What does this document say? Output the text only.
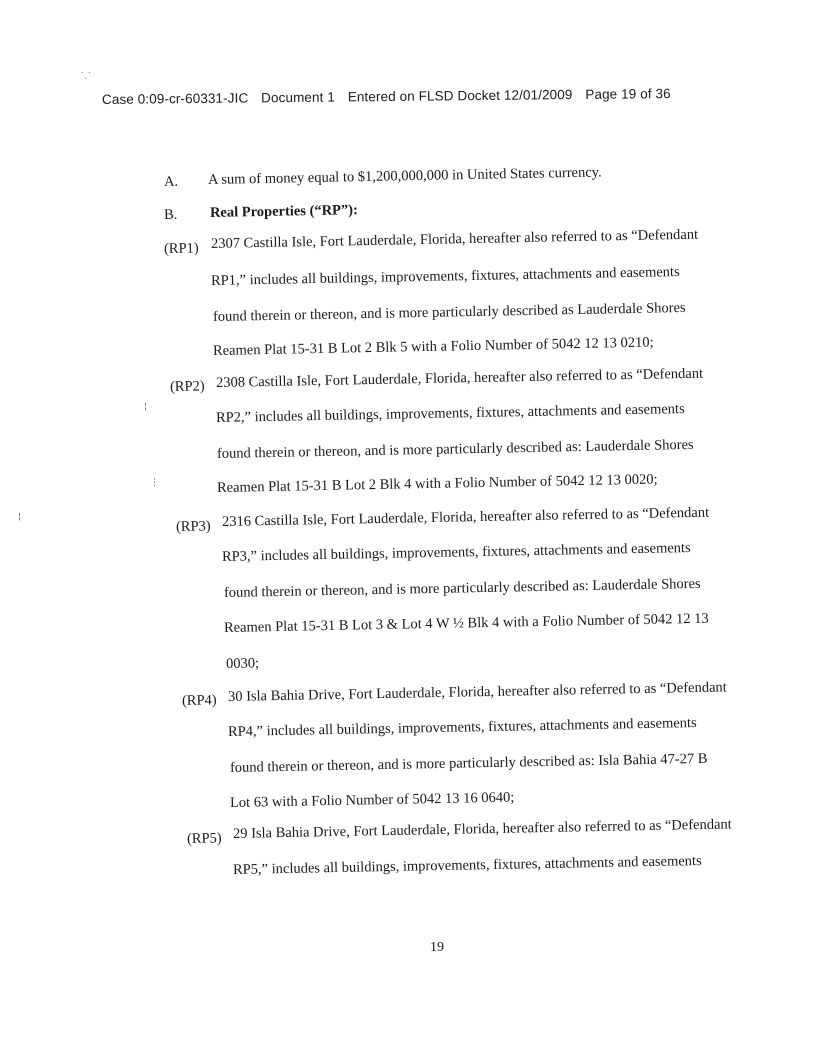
Case 0:09-cr-60331-JIC Document 1 Entered on FLSD Docket 12/01/2009 Page 19 of 36
A. A sum of money equal to $1,200,000,000 in United States currency.
B. Real Properties (“RP”):
(RP1) 2307 Castilla Isle, Fort Lauderdale, Florida, hereafter also referred to as “Defendant
RP1,” includes all buildings, improvements, fixtures, attachments and easements
found therein or thereon, and is more particularly described as Lauderdale Shores
Reamen Plat 15-31 B Lot 2 Blk 5 with a Folio Number of 5042 12 13 0210;
(RP2) 2308 Castilla Isle, Fort Lauderdale, Florida, hereafter also referred to as “Defendant
RP2,” includes all buildings, improvements, fixtures, attachments and easements
found therein or thereon, and is more particularly described as: Lauderdale Shores
Reamen Plat 15-31 B Lot 2 Blk 4 with a Folio Number of 5042 12 13 0020;
(RP3) 2316 Castilla Isle, Fort Lauderdale, Florida, hereafter also referred to as “Defendant
RP3,” includes all buildings, improvements, fixtures, attachments and easements
found therein or thereon, and is more particularly described as: Lauderdale Shores
Reamen Plat 15-31 B Lot 3 & Lot 4 W ½ Blk 4 with a Folio Number of 5042 12 13
0030;
(RP4) 30 Isla Bahia Drive, Fort Lauderdale, Florida, hereafter also referred to as “Defendant
RP4,” includes all buildings, improvements, fixtures, attachments and easements
found therein or thereon, and is more particularly described as: Isla Bahia 47-27 B
Lot 63 with a Folio Number of 5042 13 16 0640;
(RP5) 29 Isla Bahia Drive, Fort Lauderdale, Florida, hereafter also referred to as “Defendant
RP5,” includes all buildings, improvements, fixtures, attachments and easements
19
˙.˙
¦
⋮
¦
